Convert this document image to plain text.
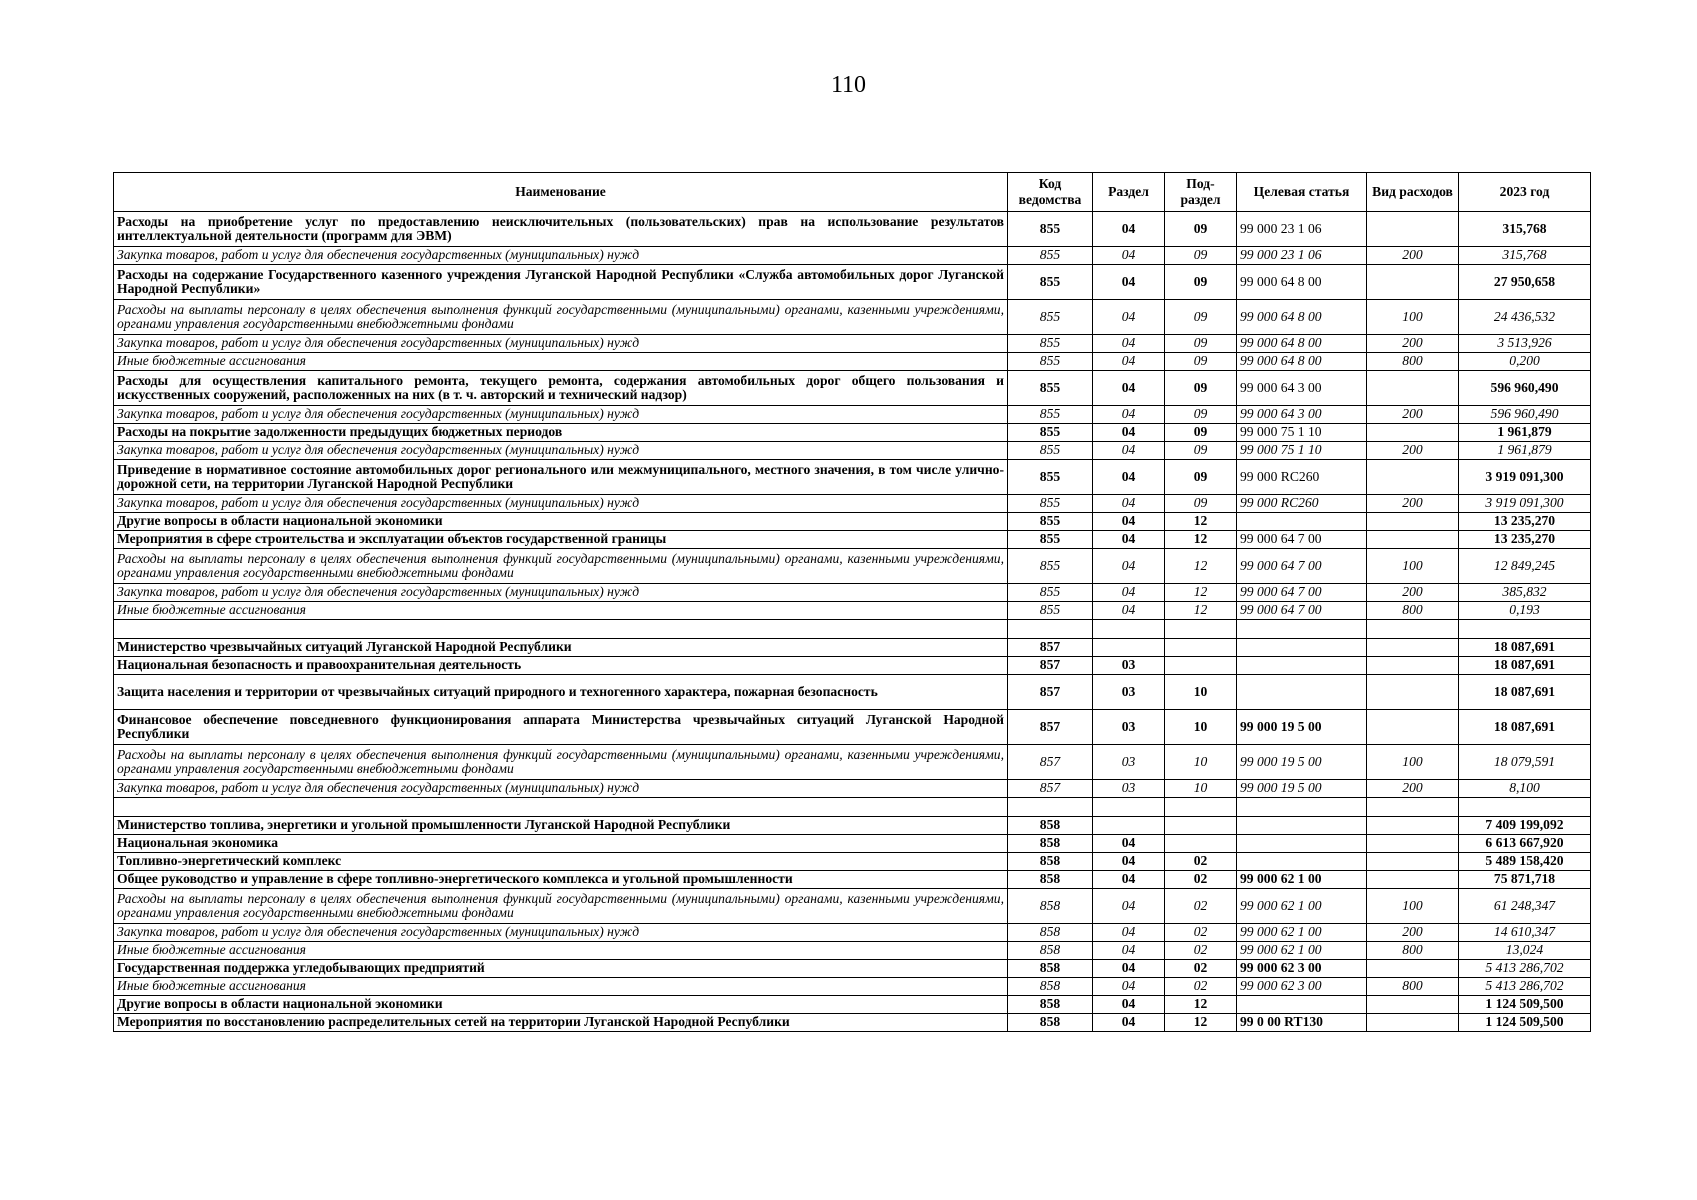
110
Наименование	Код ведомства	Раздел	Под-раздел	Целевая статья	Вид расходов	2023 год
Расходы на приобретение услуг по предоставлению неисключительных (пользовательских) прав на использование результатов интеллектуальной деятельности (программ для ЭВМ)	855	04	09	99 000 23 1 06		315,768
Закупка товаров, работ и услуг для обеспечения государственных (муниципальных) нужд	855	04	09	99 000 23 1 06	200	315,768
Расходы на содержание Государственного казенного учреждения Луганской Народной Республики «Служба автомобильных дорог Луганской Народной Республики»	855	04	09	99 000 64 8 00		27 950,658
Расходы на выплаты персоналу в целях обеспечения выполнения функций государственными (муниципальными) органами, казенными учреждениями, органами управления государственными внебюджетными фондами	855	04	09	99 000 64 8 00	100	24 436,532
Закупка товаров, работ и услуг для обеспечения государственных (муниципальных) нужд	855	04	09	99 000 64 8 00	200	3 513,926
Иные бюджетные ассигнования	855	04	09	99 000 64 8 00	800	0,200
Расходы для осуществления капитального ремонта, текущего ремонта, содержания автомобильных дорог общего пользования и искусственных сооружений, расположенных на них (в т. ч. авторский и технический надзор)	855	04	09	99 000 64 3 00		596 960,490
Закупка товаров, работ и услуг для обеспечения государственных (муниципальных) нужд	855	04	09	99 000 64 3 00	200	596 960,490
Расходы на покрытие задолженности предыдущих бюджетных периодов	855	04	09	99 000 75 1 10		1 961,879
Закупка товаров, работ и услуг для обеспечения государственных (муниципальных) нужд	855	04	09	99 000 75 1 10	200	1 961,879
Приведение в нормативное состояние автомобильных дорог регионального или межмуниципального, местного значения, в том числе улично-дорожной сети, на территории Луганской Народной Республики	855	04	09	99 000 RC260		3 919 091,300
Закупка товаров, работ и услуг для обеспечения государственных (муниципальных) нужд	855	04	09	99 000 RC260	200	3 919 091,300
Другие вопросы в области национальной экономики	855	04	12			13 235,270
Мероприятия в сфере строительства и эксплуатации объектов государственной границы	855	04	12	99 000 64 7 00		13 235,270
Расходы на выплаты персоналу в целях обеспечения выполнения функций государственными (муниципальными) органами, казенными учреждениями, органами управления государственными внебюджетными фондами	855	04	12	99 000 64 7 00	100	12 849,245
Закупка товаров, работ и услуг для обеспечения государственных (муниципальных) нужд	855	04	12	99 000 64 7 00	200	385,832
Иные бюджетные ассигнования	855	04	12	99 000 64 7 00	800	0,193

Министерство чрезвычайных ситуаций Луганской Народной Республики	857					18 087,691
Национальная безопасность и правоохранительная деятельность	857	03				18 087,691
Защита населения и территории от чрезвычайных ситуаций природного и техногенного характера, пожарная безопасность	857	03	10			18 087,691
Финансовое обеспечение повседневного функционирования аппарата Министерства чрезвычайных ситуаций Луганской Народной Республики	857	03	10	99 000 19 5 00		18 087,691
Расходы на выплаты персоналу в целях обеспечения выполнения функций государственными (муниципальными) органами, казенными учреждениями, органами управления государственными внебюджетными фондами	857	03	10	99 000 19 5 00	100	18 079,591
Закупка товаров, работ и услуг для обеспечения государственных (муниципальных) нужд	857	03	10	99 000 19 5 00	200	8,100

Министерство топлива, энергетики и угольной промышленности Луганской Народной Республики	858					7 409 199,092
Национальная экономика	858	04				6 613 667,920
Топливно-энергетический комплекс	858	04	02			5 489 158,420
Общее руководство и управление в сфере топливно-энергетического комплекса и угольной промышленности	858	04	02	99 000 62 1 00		75 871,718
Расходы на выплаты персоналу в целях обеспечения выполнения функций государственными (муниципальными) органами, казенными учреждениями, органами управления государственными внебюджетными фондами	858	04	02	99 000 62 1 00	100	61 248,347
Закупка товаров, работ и услуг для обеспечения государственных (муниципальных) нужд	858	04	02	99 000 62 1 00	200	14 610,347
Иные бюджетные ассигнования	858	04	02	99 000 62 1 00	800	13,024
Государственная поддержка угледобывающих предприятий	858	04	02	99 000 62 3 00		5 413 286,702
Иные бюджетные ассигнования	858	04	02	99 000 62 3 00	800	5 413 286,702
Другие вопросы в области национальной экономики	858	04	12			1 124 509,500
Мероприятия по восстановлению распределительных сетей на территории Луганской Народной Республики	858	04	12	99 0 00 RT130		1 124 509,500
